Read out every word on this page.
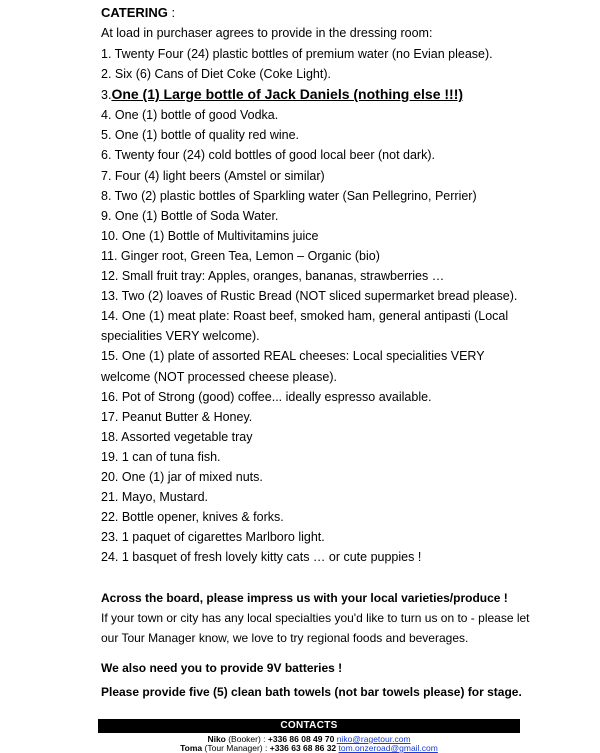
CATERING :
At load in purchaser agrees to provide in the dressing room:
1. Twenty Four (24) plastic bottles of premium water (no Evian please).
2. Six (6) Cans of Diet Coke (Coke Light).
3.One (1) Large bottle of Jack Daniels (nothing else !!!)
4. One (1) bottle of good Vodka.
5. One (1) bottle of quality red wine.
6. Twenty four (24) cold bottles of good local beer (not dark).
7. Four (4) light beers (Amstel or similar)
8. Two (2) plastic bottles of Sparkling water (San Pellegrino, Perrier)
9. One (1) Bottle of Soda Water.
10. One (1) Bottle of Multivitamins juice
11. Ginger root, Green Tea, Lemon – Organic (bio)
12. Small fruit tray: Apples, oranges, bananas, strawberries …
13. Two (2) loaves of Rustic Bread (NOT sliced supermarket bread please).
14. One (1) meat plate: Roast beef, smoked ham, general antipasti (Local specialities VERY welcome).
15. One (1) plate of assorted REAL cheeses: Local specialities VERY welcome (NOT processed cheese please).
16. Pot of Strong (good) coffee... ideally espresso available.
17. Peanut Butter & Honey.
18. Assorted vegetable tray
19. 1 can of tuna fish.
20. One (1) jar of mixed nuts.
21. Mayo, Mustard.
22. Bottle opener, knives & forks.
23. 1 paquet of cigarettes Marlboro light.
24. 1 basquet of fresh lovely kitty cats … or cute puppies !
Across the board, please impress us with your local varieties/produce !
If your town or city has any local specialties you'd like to turn us on to - please let our Tour Manager know, we love to try regional foods and beverages.
We also need you to provide 9V batteries !
Please provide five (5) clean bath towels (not bar towels please) for stage.
CONTACTS
Niko (Booker) : +336 86 08 49 70 niko@ragetour.com
Toma (Tour Manager) : +336 63 68 86 32 tom.onzeroad@gmail.com
